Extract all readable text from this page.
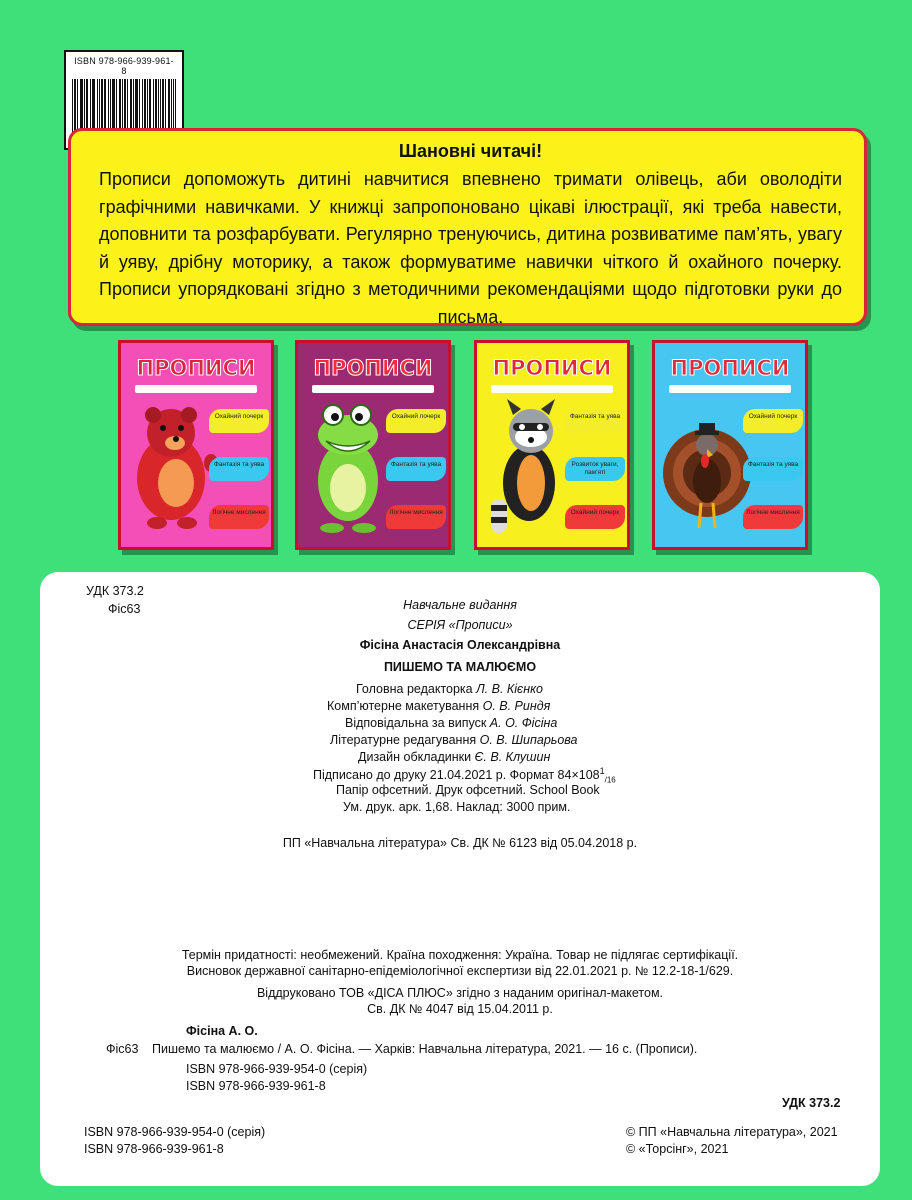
ISBN 978-966-939-961-8
Шановні читачі!
Прописи допоможуть дитині навчитися впевнено тримати олівець, аби оволодіти графічними навичками. У книжці запропоновано цікаві ілюстрації, які треба навести, доповнити та розфарбувати. Регулярно тренуючись, дитина розвиватиме пам’ять, увагу й уяву, дрібну моторику, а також формуватиме навички чіткого й охайного почерку. Прописи упорядковані згідно з методичними рекомендаціями щодо підготовки руки до письма.
ПРОПИСИ
Охайний почерк
Фантазія та уява
Логічне мислення
ПРОПИСИ
Охайний почерк
Фантазія та уява
Логічне мислення
ПРОПИСИ
Фантазія та уява
Розвиток уваги, пам'яті
Охайний почерк
ПРОПИСИ
Охайний почерк
Фантазія та уява
Логічне мислення
УДК 373.2
Фіс63	Навчальне видання
СЕРІЯ «Прописи»
Фісіна Анастасія Олександрівна
ПИШЕМО ТА МАЛЮЄМО
Головна редакторка Л. В. Кієнко
Комп’ютерне макетування О. В. Риндя
Відповідальна за випуск А. О. Фісіна
Літературне редагування О. В. Шипарьова
Дизайн обкладинки Є. В. Клушин
Підписано до друку 21.04.2021 р. Формат $84\times 108^1_{/16}$
Папір офсетний. Друк офсетний. School Book
Ум. друк. арк. 1,68. Наклад: 3000 прим.
ПП «Навчальна література» Св. ДК № 6123 від 05.04.2018 р.
Термін придатності: необмежений. Країна походження: Україна. Товар не підлягає сертифікації.
Висновок державної санітарно-епідеміологічної експертизи від 22.01.2021 р. № 12.2-18-1/629.
Віддруковано ТОВ «ДІСА ПЛЮС» згідно з наданим оригінал-макетом.
Св. ДК № 4047 від 15.04.2011 р.
Фісіна А. О.
Фіс63 Пишемо та малюємо / А. О. Фісіна. — Харків: Навчальна література, 2021. — 16 с. (Прописи).
ISBN 978-966-939-954-0 (серія)
ISBN 978-966-939-961-8
УДК 373.2
ISBN 978-966-939-954-0 (серія)
ISBN 978-966-939-961-8
© ПП «Навчальна література», 2021
© «Торсінг», 2021
